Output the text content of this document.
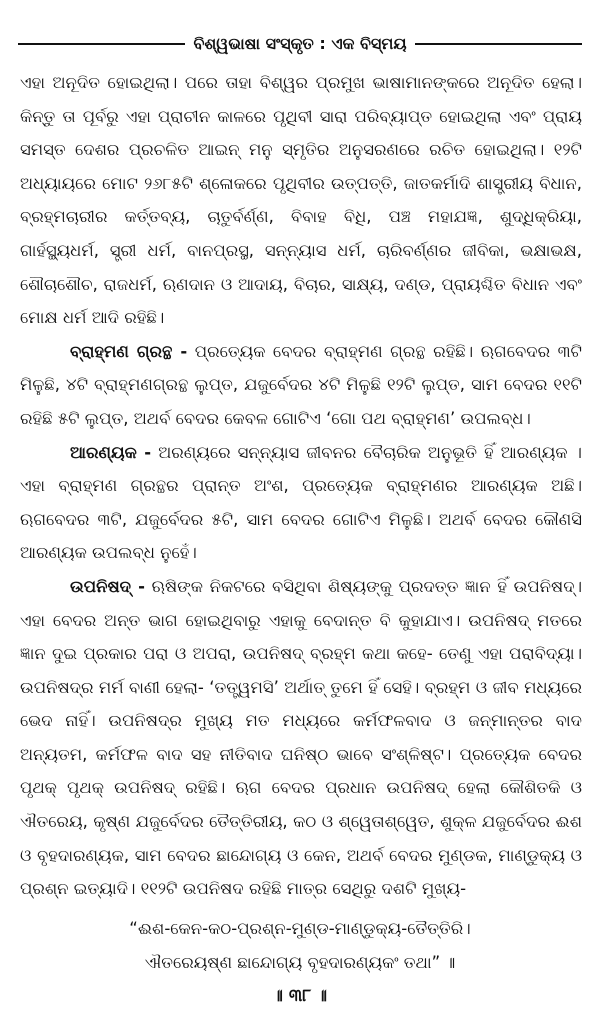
ବିଶ୍ୱଭାଷା ସଂସ୍କୃତ : ଏକ ବିସ୍ମୟ

ଏହା ଅନୂଦିତ ହୋଇଥିଲା। ପରେ ତାହା ବିଶ୍ୱର ପ୍ରମୁଖ ଭାଷାମାନଙ୍କରେ ଅନୂଦିତ ହେଲା। କିନ୍ତୁ ତା ପୂର୍ବରୁ ଏହା ପ୍ରାଚୀନ କାଳରେ ପୃଥିବୀ ସାରା ପରିବ୍ୟାପ୍ତ ହୋଇଥିଲା ଏବଂ ପ୍ରାୟ ସମସ୍ତ ଦେଶର ପ୍ରଚଳିତ ଆଇନ୍ ମନୁ ସ୍ମୃତିର ଅନୁସରଣରେ ରଚିତ ହୋଇଥିଲା। ୧୨ଟି ଅଧ୍ୟାୟରେ ମୋଟ ୨୬୮୫ଟି ଶ୍ଳୋକରେ ପୃଥିବୀର ଉତ୍ପତ୍ତି, ଜାତକର୍ମାଦି ଶାସ୍ତ୍ରୀୟ ବିଧାନ, ବ୍ରହ୍ମଚାରୀର କର୍ତ୍ତବ୍ୟ, ଚାତୁର୍ବର୍ଣ୍ଣ, ବିବାହ ବିଧି, ପଞ୍ଚ ମହାଯଜ୍ଞ, ଶୁଦ୍ଧିକ୍ରିୟା, ଗାର୍ହସ୍ଥ୍ୟଧର୍ମ, ସ୍ତ୍ରୀ ଧର୍ମ, ବାନପ୍ରସ୍ଥ, ସନ୍ନ୍ୟାସ ଧର୍ମ, ଚାରିବର୍ଣ୍ଣର ଜୀବିକା, ଭକ୍ଷାଭକ୍ଷ, ଶୌଚାଶୌଚ, ରାଜଧର୍ମ, ଋଣଦାନ ଓ ଆଦାୟ, ବିଚାର, ସାକ୍ଷ୍ୟ, ଦଣ୍ଡ, ପ୍ରାୟଶ୍ଚିତ ବିଧାନ ଏବଂ ମୋକ୍ଷ ଧର୍ମ ଆଦି ରହିଛି।

ବ୍ରାହ୍ମଣ ଗ୍ରନ୍ଥ - ପ୍ରତ୍ୟେକ ବେଦର ବ୍ରାହ୍ମଣ ଗ୍ରନ୍ଥ ରହିଛି। ଋଗବେଦର ୩ଟି ମିଳୁଛି, ୪ଟି ବ୍ରାହ୍ମଣଗ୍ରନ୍ଥ ଲୁପ୍ତ, ଯଜୁର୍ବେଦର ୪ଟି ମିଳୁଛି ୧୨ଟି ଲୁପ୍ତ, ସାମ ବେଦର ୧୧ଟି ରହିଛି ୫ଟି ଲୁପ୍ତ, ଅଥର୍ବ ବେଦର କେବଳ ଗୋଟିଏ ‘ଗୋ ପଥ ବ୍ରାହ୍ମଣ’ ଉପଲବ୍ଧ।

ଆରଣ୍ୟକ - ଅରଣ୍ୟରେ ସନ୍ନ୍ୟାସ ଜୀବନର ବୈଚାରିକ ଅନୁଭୂତି ହିଁ ଆରଣ୍ୟକ । ଏହା ବ୍ରାହ୍ମଣ ଗ୍ରନ୍ଥର ପ୍ରାନ୍ତ ଅଂଶ, ପ୍ରତ୍ୟେକ ବ୍ରାହ୍ମଣର ଆରଣ୍ୟକ ଅଛି। ଋଗବେଦର ୩ଟି, ଯଜୁର୍ବେଦର ୫ଟି, ସାମ ବେଦର ଗୋଟିଏ ମିଳୁଛି। ଅଥର୍ବ ବେଦର କୌଣସି ଆରଣ୍ୟକ ଉପଲବ୍ଧ ନୁହେଁ।

ଉପନିଷଦ୍ - ଋଷିଙ୍କ ନିକଟରେ ବସିଥିବା ଶିଷ୍ୟଙ୍କୁ ପ୍ରଦତ୍ତ ଜ୍ଞାନ ହିଁ ଉପନିଷଦ୍। ଏହା ବେଦର ଅନ୍ତ ଭାଗ ହୋଇଥିବାରୁ ଏହାକୁ ବେଦାନ୍ତ ବି କୁହାଯାଏ। ଉପନିଷଦ୍ ମତରେ ଜ୍ଞାନ ଦୁଇ ପ୍ରକାର ପରା ଓ ଅପରା, ଉପନିଷଦ୍ ବ୍ରହ୍ମ କଥା କହେ- ତେଣୁ ଏହା ପରାବିଦ୍ୟା। ଉପନିଷଦ୍‌ର ମର୍ମ ବାଣୀ ହେଲା- ‘ତତ୍ତ୍ୱମସି’ ଅର୍ଥାତ୍ ତୁମେ ହିଁ ସେହି। ବ୍ରହ୍ମ ଓ ଜୀବ ମଧ୍ୟରେ ଭେଦ ନାହିଁ। ଉପନିଷଦ୍‌ର ମୁଖ୍ୟ ମତ ମଧ୍ୟରେ କର୍ମଫଳବାଦ ଓ ଜନ୍ମାନ୍ତର ବାଦ ଅନ୍ୟତମ, କର୍ମଫଳ ବାଦ ସହ ନୀତିବାଦ ଘନିଷ୍ଠ ଭାବେ ସଂଶ୍ଳିଷ୍ଟ। ପ୍ରତ୍ୟେକ ବେଦର ପୃଥକ୍ ପୃଥକ୍ ଉପନିଷଦ୍ ରହିଛି। ଋଗ ବେଦର ପ୍ରଧାନ ଉପନିଷଦ୍ ହେଲା କୌଶିତକି ଓ ଐତରେୟ, କୃଷ୍ଣ ଯଜୁର୍ବେଦର ତୈତ୍ତିରୀୟ, କଠ ଓ ଶ୍ୱେତାଶ୍ୱେତ, ଶୁକ୍ଳ ଯଜୁର୍ବେଦର ଈଶ ଓ ବୃହଦାରଣ୍ୟକ, ସାମ ବେଦର ଛାନ୍ଦୋଗ୍ୟ ଓ କେନ, ଅଥର୍ବ ବେଦର ମୁଣ୍ଡକ, ମାଣ୍ଡୁକ୍ୟ ଓ ପ୍ରଶ୍ନ ଇତ୍ୟାଦି। ୧୧୨ଟି ଉପନିଷଦ ରହିଛି ମାତ୍ର ସେଥିରୁ ଦଶଟି ମୁଖ୍ୟ-

“ଈଶ-କେନ-କଠ-ପ୍ରଶ୍ନ-ମୁଣ୍ଡ-ମାଣ୍ଡୁକ୍ୟ-ତୈତ୍ତିରି।
ଐତରେୟଷ୍ଣ ଛାନ୍ଦୋଗ୍ୟ ବୃହଦାରଣ୍ୟକଂ ତଥା” ॥
॥ ୩୮ ॥
